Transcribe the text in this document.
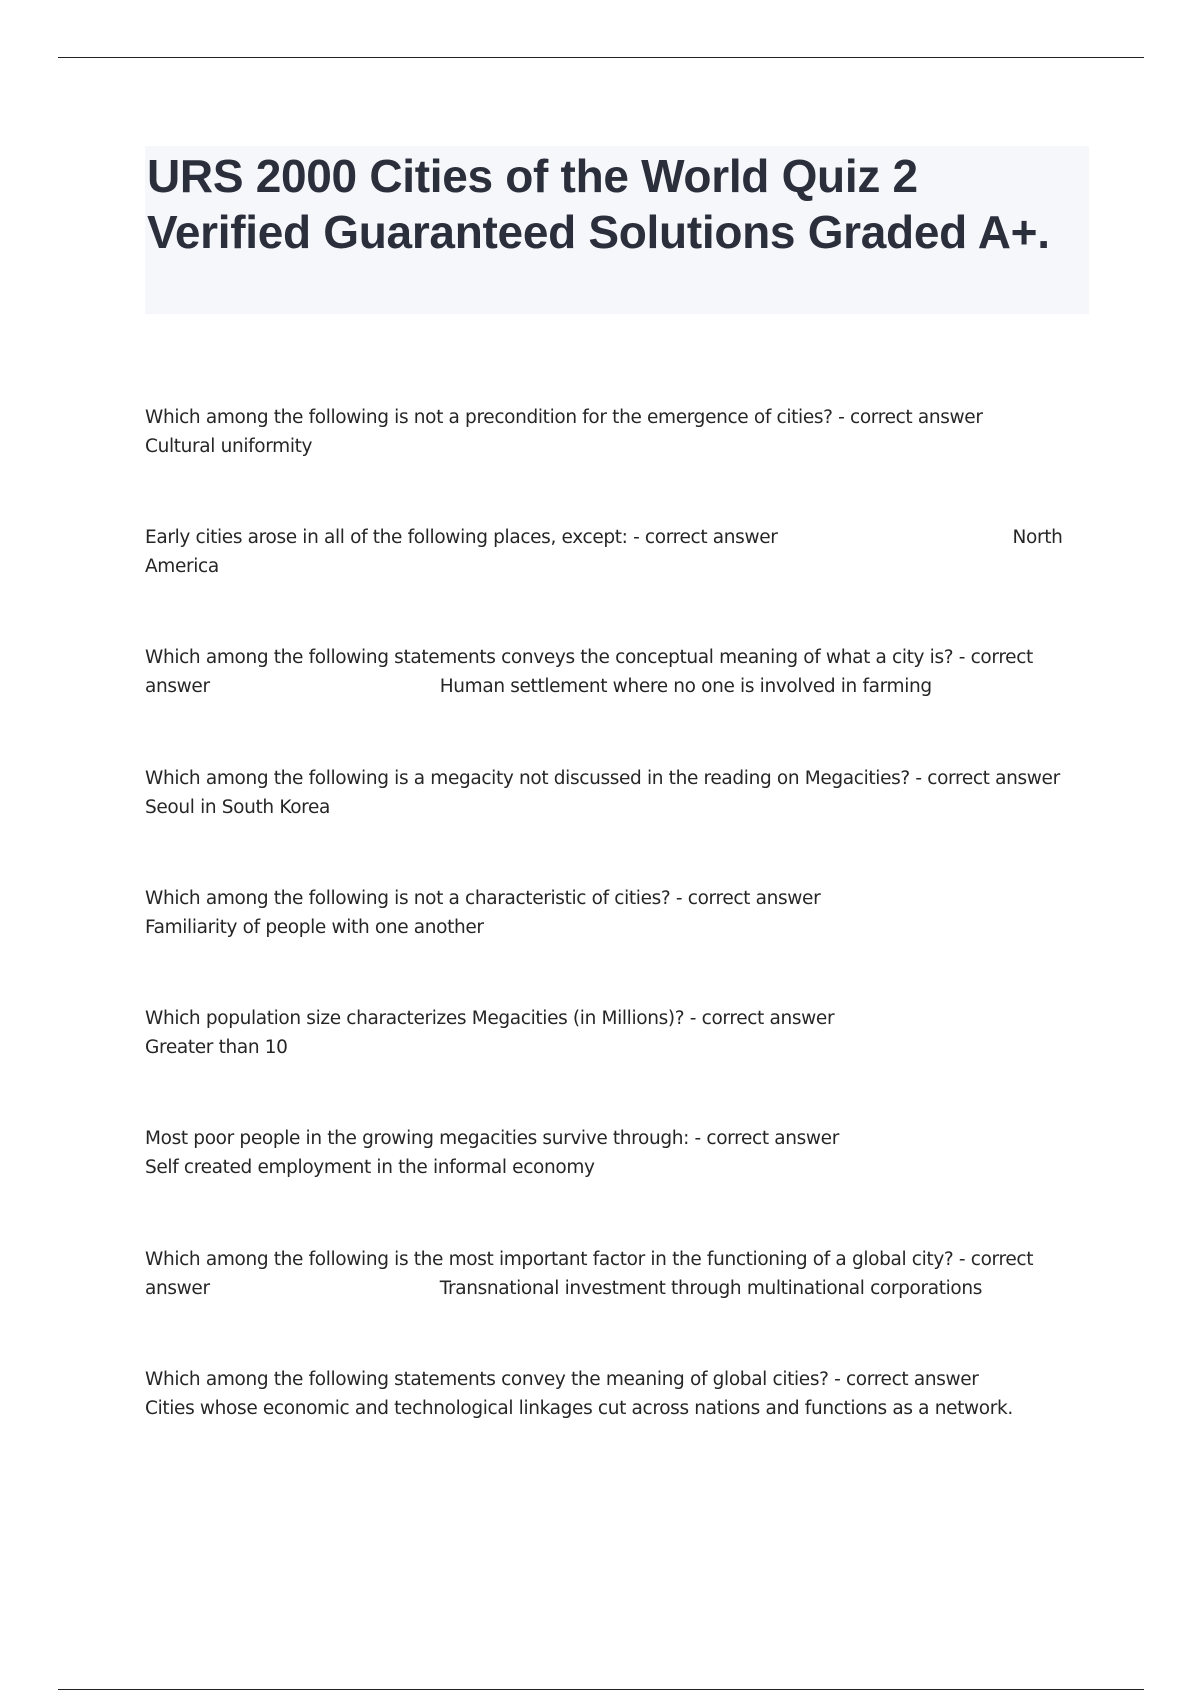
URS 2000 Cities of the World Quiz 2 Verified Guaranteed Solutions Graded A+.

Which among the following is not a precondition for the emergence of cities? - correct answer

Cultural uniformity

Early cities arose in all of the following places, except: - correct answer	North

America

Which among the following statements conveys the conceptual meaning of what a city is? - correct

answer	Human settlement where no one is involved in farming

Which among the following is a megacity not discussed in the reading on Megacities? - correct answer

Seoul in South Korea

Which among the following is not a characteristic of cities? - correct answer

Familiarity of people with one another

Which population size characterizes Megacities (in Millions)? - correct answer

Greater than 10

Most poor people in the growing megacities survive through: - correct answer

Self created employment in the informal economy

Which among the following is the most important factor in the functioning of a global city? - correct

answer	Transnational investment through multinational corporations

Which among the following statements convey the meaning of global cities? - correct answer

Cities whose economic and technological linkages cut across nations and functions as a network.
